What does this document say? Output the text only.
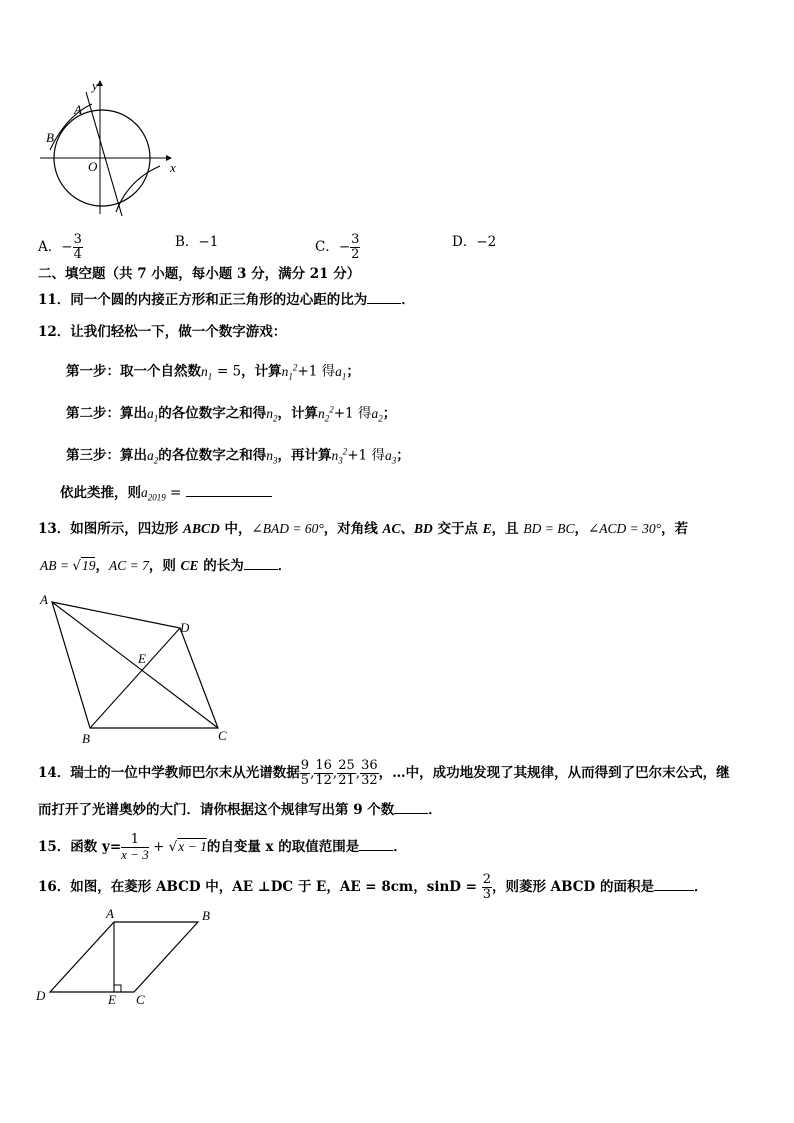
x
y
A
B
O
A．− $\frac{3}{4}$	B．−1	C．− $\frac{3}{2}$	D．−2
二、填空题（共 7 小题，每小题 3 分，满分 21 分）
11．同一个圆的内接正方形和正三角形的边心距的比为	．
12．让我们轻松一下，做一个数字游戏：
第一步：取一个自然数$n_1 = 5$，计算$n_1^2+1$ 得$a_1$；
第二步：算出$a_1$的各位数字之和得$n_2$，计算$n_2^2+1$ 得$a_2$；
第三步：算出$a_2$的各位数字之和得$n_3$，再计算$n_3^2+1$ 得$a_3$；
依此类推，则$a_{2019}$ =
13．如图所示，四边形 ABCD 中，∠BAD = 60°，对角线 AC、BD 交于点 E，且 BD = BC，∠ACD = 30°，若
AB = √19，AC = 7，则 CE 的长为	．
A
B	C
D
E
14．瑞士的一位中学教师巴尔末从光谱数据 $\frac{9}{5}$ , $\frac{16}{12}$ , $\frac{25}{21}$ , $\frac{36}{32}$ ，…中，成功地发现了其规律，从而得到了巴尔末公式，继
而打开了光谱奥妙的大门．请你根据这个规律写出第 9 个数	．
15．函数 $y= \frac{1}{x - 3} + √x - 1$的自变量 x 的取值范围是	．
16．如图，在菱形 ABCD 中，AE ⊥DC 于 E，AE = 8cm，$\sin D = \frac{2}{3}$ ，则菱形 ABCD 的面积是	．
A	B
C
D	E
